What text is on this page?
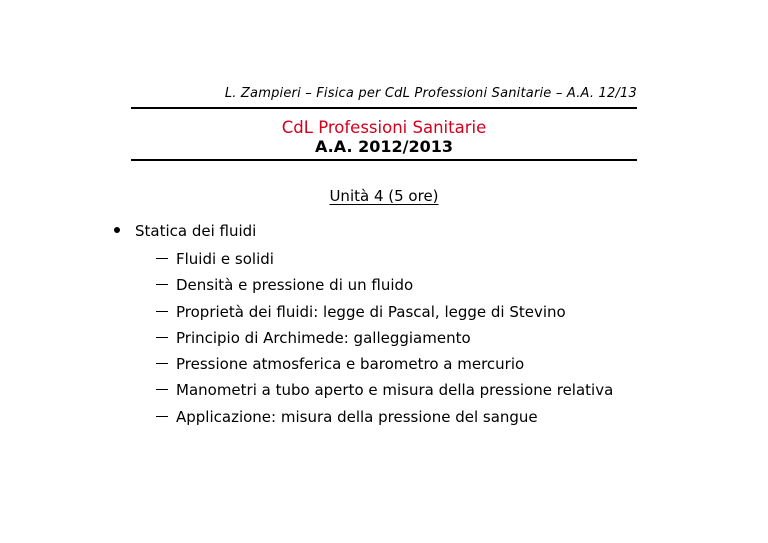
L. Zampieri – Fisica per CdL Professioni Sanitarie – A.A. 12/13
CdL Professioni Sanitarie
A.A. 2012/2013
Unità 4 (5 ore)
Statica dei fluidi
Fluidi e solidi
Densità e pressione di un fluido
Proprietà dei fluidi: legge di Pascal, legge di Stevino
Principio di Archimede: galleggiamento
Pressione atmosferica e barometro a mercurio
Manometri a tubo aperto e misura della pressione relativa
Applicazione: misura della pressione del sangue
